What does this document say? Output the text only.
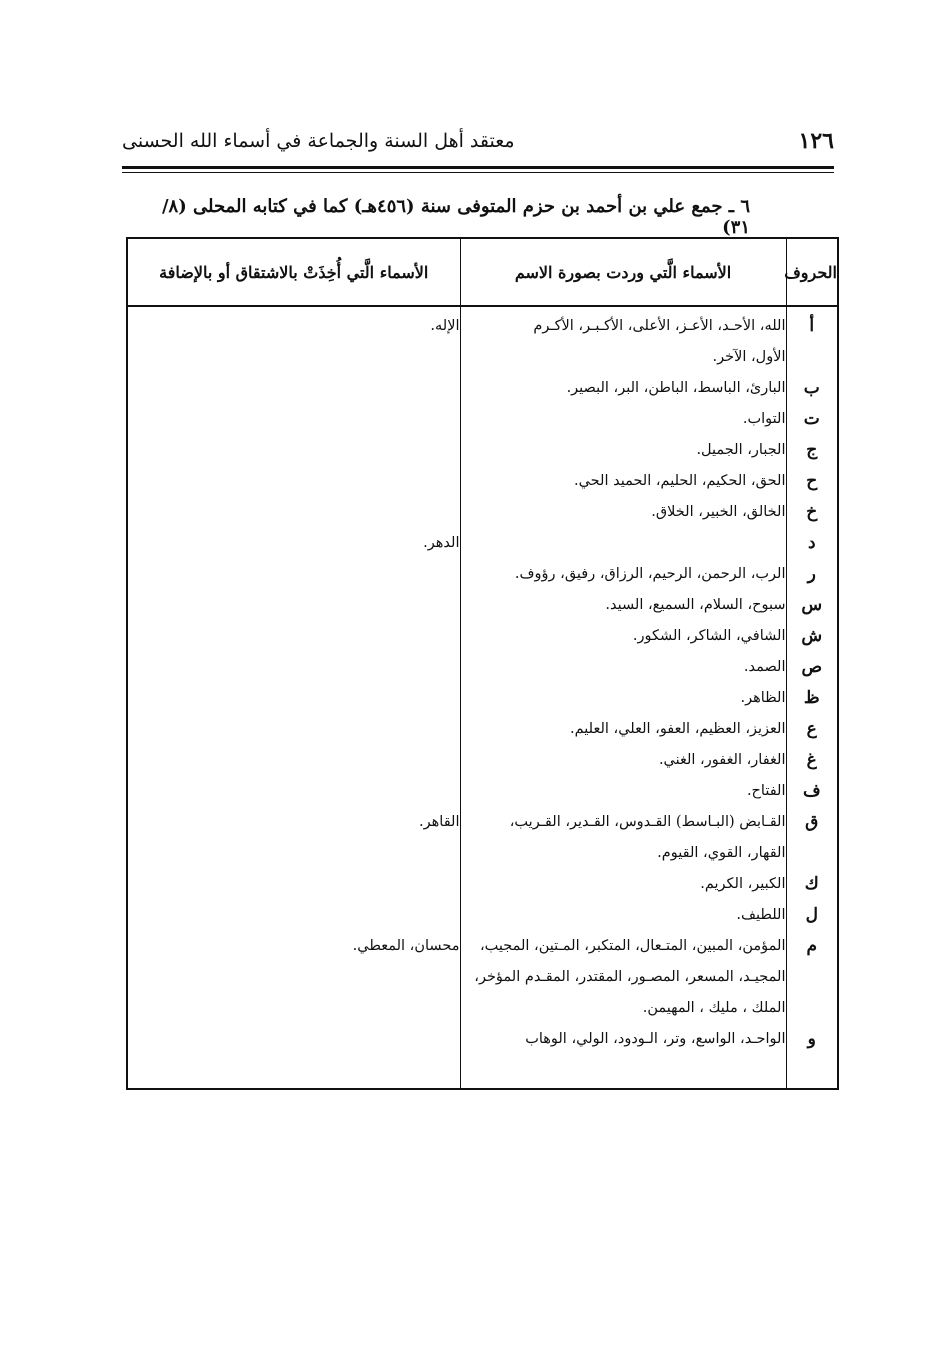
١٢٦
معتقد أهل السنة والجماعة في أسماء الله الحسنى
٦ ـ جمع علي بن أحمد بن حزم المتوفى سنة (٤٥٦هـ) كما في كتابه المحلى (٨/ ٣١)
الحروف	الأسماء الَّتي وردت بصورة الاسم	الأسماء الَّتي أُخِذَتْ بالاشتقاق أو بالإضافة
أ	الله، الأحـد، الأعـز، الأعلى، الأكـبـر، الأكـرم	الإله.
	الأول، الآخر.	
ب	البارئ، الباسط، الباطن، البر، البصير.	
ت	التواب.	
ج	الجبار، الجميل.	
ح	الحق، الحكيم، الحليم، الحميد الحي.	
خ	الخالق، الخبير، الخلاق.	
د		الدهر.
ر	الرب، الرحمن، الرحيم، الرزاق، رفيق، رؤوف.	
س	سبوح، السلام، السميع، السيد.	
ش	الشافي، الشاكر، الشكور.	
ص	الصمد.	
ظ	الظاهر.	
ع	العزيز، العظيم، العفو، العلي، العليم.	
غ	الغفار، الغفور، الغني.	
ف	الفتاح.	
ق	القـابض (البـاسط) القـدوس، القـدير، القـريب،	القاهر.
	القهار، القوي، القيوم.	
ك	الكبير، الكريم.	
ل	اللطيف.	
م	المؤمن، المبين، المتـعال، المتكبر، المـتين، المجيب،	محسان، المعطي.
	المجيـد، المسعر، المصـور، المقتدر، المقـدم المؤخر،	
	الملك ، مليك ، المهيمن.	
و	الواحـد، الواسع، وتر، الـودود، الولي، الوهاب	
